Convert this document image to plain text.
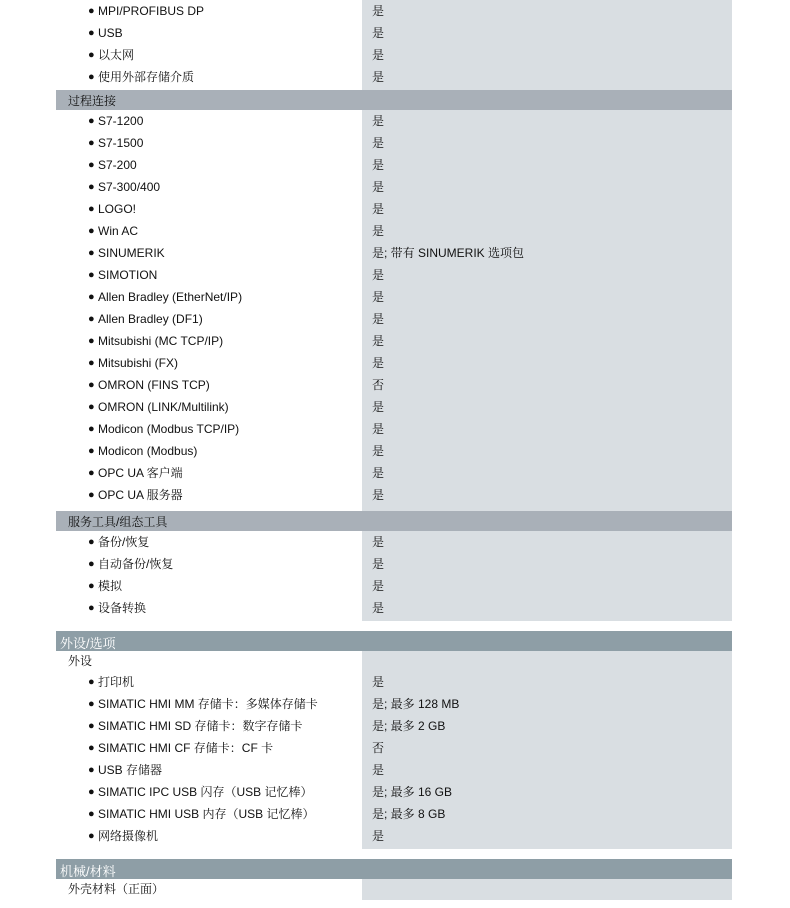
● MPI/PROFIBUS DP	是
● USB	是
● 以太网	是
● 使用外部存储介质	是
过程连接
● S7-1200	是
● S7-1500	是
● S7-200	是
● S7-300/400	是
● LOGO!	是
● Win AC	是
● SINUMERIK	是; 带有 SINUMERIK 选项包
● SIMOTION	是
● Allen Bradley (EtherNet/IP)	是
● Allen Bradley (DF1)	是
● Mitsubishi (MC TCP/IP)	是
● Mitsubishi (FX)	是
● OMRON (FINS TCP)	否
● OMRON (LINK/Multilink)	是
● Modicon (Modbus TCP/IP)	是
● Modicon (Modbus)	是
● OPC UA 客户端	是
● OPC UA 服务器	是
服务工具/组态工具
● 备份/恢复	是
● 自动备份/恢复	是
● 模拟	是
● 设备转换	是
外设/选项
外设
● 打印机	是
● SIMATIC HMI MM 存储卡：多媒体存储卡	是; 最多 128 MB
● SIMATIC HMI SD 存储卡：数字存储卡	是; 最多 2 GB
● SIMATIC HMI CF 存储卡：CF 卡	否
● USB 存储器	是
● SIMATIC IPC USB 闪存（USB 记忆棒）	是; 最多 16 GB
● SIMATIC HMI USB 内存（USB 记忆棒）	是; 最多 8 GB
● 网络摄像机	是
机械/材料
外壳材料（正面）
